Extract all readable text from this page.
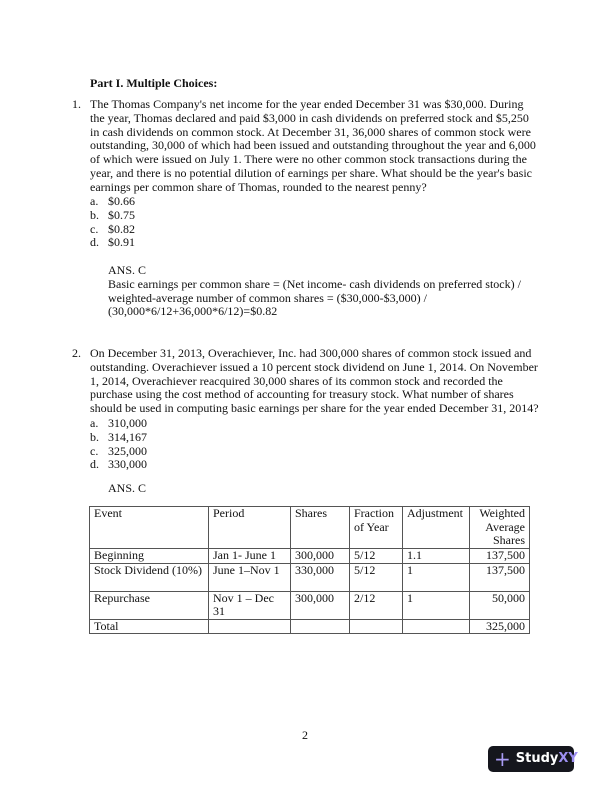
Part I. Multiple Choices:
1. The Thomas Company's net income for the year ended December 31 was $30,000. During
the year, Thomas declared and paid $3,000 in cash dividends on preferred stock and $5,250
in cash dividends on common stock. At December 31, 36,000 shares of common stock were
outstanding, 30,000 of which had been issued and outstanding throughout the year and 6,000
of which were issued on July 1. There were no other common stock transactions during the
year, and there is no potential dilution of earnings per share. What should be the year's basic
earnings per common share of Thomas, rounded to the nearest penny?
a. $0.66
b. $0.75
c. $0.82
d. $0.91
ANS. C
Basic earnings per common share = (Net income- cash dividends on preferred stock) /
weighted-average number of common shares = ($30,000-$3,000) /
(30,000*6/12+36,000*6/12)=$0.82
2. On December 31, 2013, Overachiever, Inc. had 300,000 shares of common stock issued and
outstanding. Overachiever issued a 10 percent stock dividend on June 1, 2014. On November
1, 2014, Overachiever reacquired 30,000 shares of its common stock and recorded the
purchase using the cost method of accounting for treasury stock. What number of shares
should be used in computing basic earnings per share for the year ended December 31, 2014?
a. 310,000
b. 314,167
c. 325,000
d. 330,000
ANS. C
Event	Period	Shares	Fraction of Year	Adjustment	Weighted Average Shares
Beginning	Jan 1- June 1	300,000	5/12	1.1	137,500
Stock Dividend (10%)	June 1–Nov 1	330,000	5/12	1	137,500
Repurchase	Nov 1 – Dec 31	300,000	2/12	1	50,000
Total					325,000
2
+ Study XY
